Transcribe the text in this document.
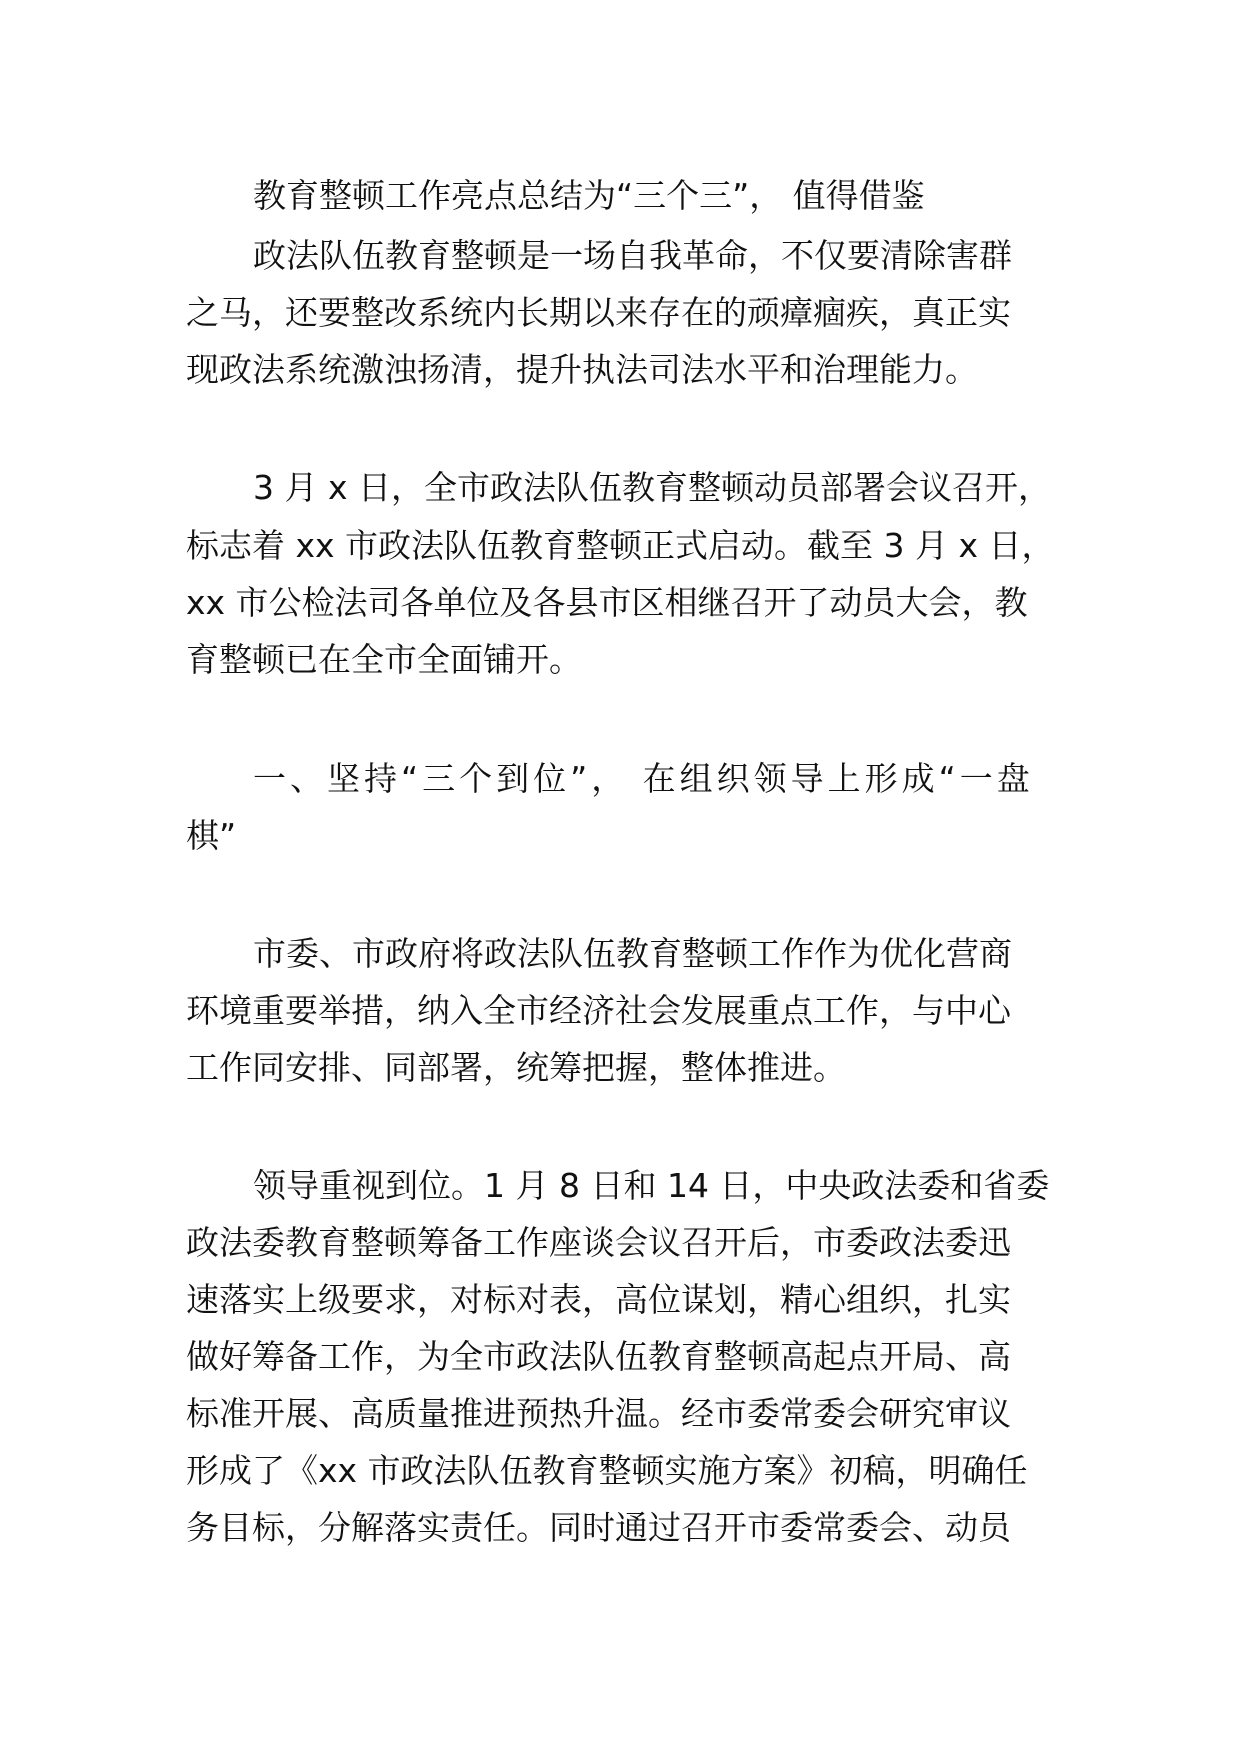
教育整顿工作亮点总结为“三个三”， 值得借鉴
政法队伍教育整顿是一场自我革命，不仅要清除害群
之马，还要整改系统内长期以来存在的顽瘴痼疾，真正实
现政法系统激浊扬清，提升执法司法水平和治理能力。
3 月 x 日，全市政法队伍教育整顿动员部署会议召开，
标志着 xx 市政法队伍教育整顿正式启动。截至 3 月 x 日，
xx 市公检法司各单位及各县市区相继召开了动员大会，教
育整顿已在全市全面铺开。
一、坚持“三个到位”， 在组织领导上形成“一盘
棋”
市委、市政府将政法队伍教育整顿工作作为优化营商
环境重要举措，纳入全市经济社会发展重点工作，与中心
工作同安排、同部署，统筹把握，整体推进。
领导重视到位。1 月 8 日和 14 日，中央政法委和省委
政法委教育整顿筹备工作座谈会议召开后，市委政法委迅
速落实上级要求，对标对表，高位谋划，精心组织，扎实
做好筹备工作，为全市政法队伍教育整顿高起点开局、高
标准开展、高质量推进预热升温。经市委常委会研究审议
形成了《xx 市政法队伍教育整顿实施方案》初稿，明确任
务目标，分解落实责任。同时通过召开市委常委会、动员
